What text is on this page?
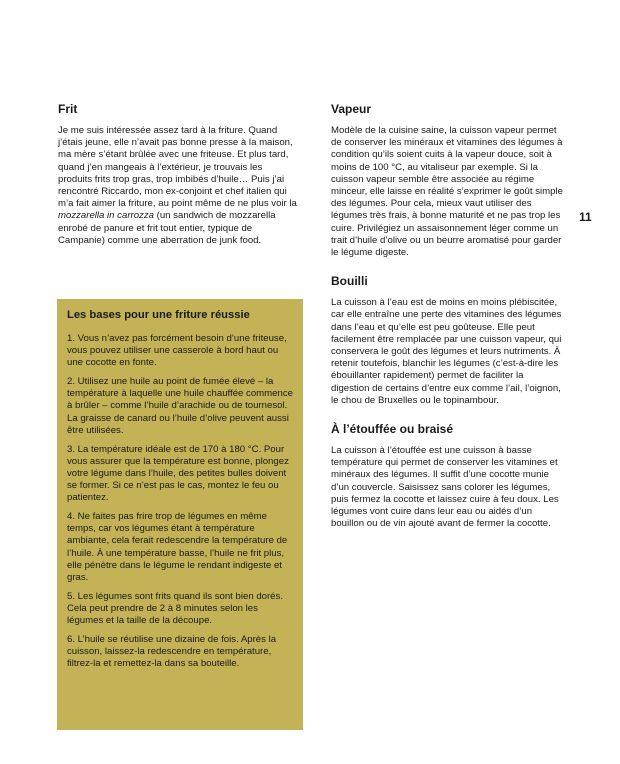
Frit

Je me suis intéressée assez tard à la friture. Quand j’étais jeune, elle n’avait pas bonne presse à la maison, ma mère s’étant brûlée avec une friteuse. Et plus tard, quand j’en mangeais à l’extérieur, je trouvais les produits frits trop gras, trop imbibés d’huile… Puis j’ai rencontré Riccardo, mon ex-conjoint et chef italien qui m’a fait aimer la friture, au point même de ne plus voir la mozzarella in carrozza (un sandwich de mozzarella enrobé de panure et frit tout entier, typique de Campanie) comme une aberration de junk food.

Les bases pour une friture réussie

1. Vous n’avez pas forcément besoin d’une friteuse, vous pouvez utiliser une casserole à bord haut ou une cocotte en fonte.

2. Utilisez une huile au point de fumée élevé – la température à laquelle une huile chauffée commence à brûler – comme l’huile d’arachide ou de tournesol. La graisse de canard ou l’huile d’olive peuvent aussi être utilisées.

3. La température idéale est de 170 à 180 °C. Pour vous assurer que la température est bonne, plongez votre légume dans l’huile, des petites bulles doivent se former. Si ce n’est pas le cas, montez le feu ou patientez.

4. Ne faites pas frire trop de légumes en même temps, car vos légumes étant à température ambiante, cela ferait redescendre la température de l’huile. À une température basse, l’huile ne frit plus, elle pénètre dans le légume le rendant indigeste et gras.

5. Les légumes sont frits quand ils sont bien dorés. Cela peut prendre de 2 à 8 minutes selon les légumes et la taille de la découpe.

6. L’huile se réutilise une dizaine de fois. Après la cuisson, laissez-la redescendre en température, filtrez-la et remettez-la dans sa bouteille.

Vapeur

Modèle de la cuisine saine, la cuisson vapeur permet de conserver les minéraux et vitamines des légumes à condition qu’ils soient cuits à la vapeur douce, soit à moins de 100 °C, au vitaliseur par exemple. Si la cuisson vapeur semble être associée au régime minceur, elle laisse en réalité s’exprimer le goût simple des légumes. Pour cela, mieux vaut utiliser des légumes très frais, à bonne maturité et ne pas trop les cuire. Privilégiez un assaisonnement léger comme un trait d’huile d’olive ou un beurre aromatisé pour garder le légume digeste.

Bouilli

La cuisson à l’eau est de moins en moins plébiscitée, car elle entraîne une perte des vitamines des légumes dans l’eau et qu’elle est peu goûteuse. Elle peut facilement être remplacée par une cuisson vapeur, qui conservera le goût des légumes et leurs nutriments. À retenir toutefois, blanchir les légumes (c’est-à-dire les ébouillanter rapidement) permet de faciliter la digestion de certains d’entre eux comme l’ail, l’oignon, le chou de Bruxelles ou le topinambour.

À l’étouffée ou braisé

La cuisson à l’étouffée est une cuisson à basse température qui permet de conserver les vitamines et minéraux des légumes. Il suffit d’une cocotte munie d’un couvercle. Saisissez sans colorer les légumes, puis fermez la cocotte et laissez cuire à feu doux. Les légumes vont cuire dans leur eau ou aidés d’un bouillon ou de vin ajouté avant de fermer la cocotte.

11
